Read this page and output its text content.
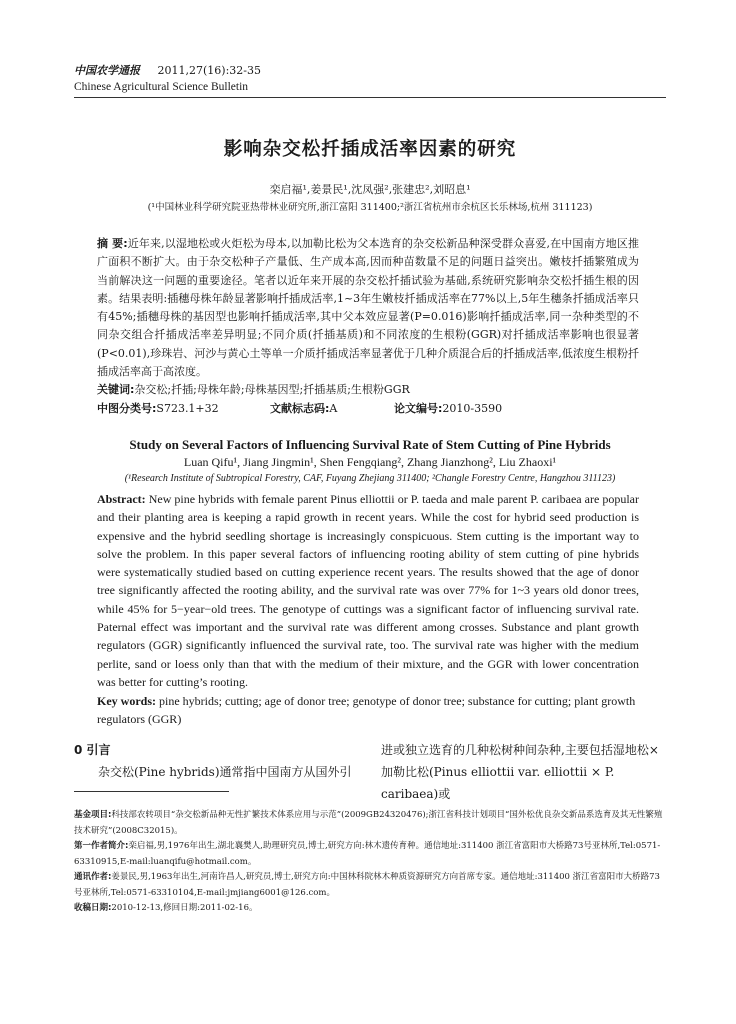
中国农学通报 2011,27(16):32-35
Chinese Agricultural Science Bulletin
影响杂交松扦插成活率因素的研究
栾启福¹,姜景民¹,沈凤强²,张建忠²,刘昭息¹
(¹中国林业科学研究院亚热带林业研究所,浙江富阳 311400;²浙江省杭州市余杭区长乐林场,杭州 311123)
摘 要:近年来,以湿地松或火炬松为母本,以加勒比松为父本选育的杂交松新品种深受群众喜爱,在中国南方地区推广面积不断扩大。由于杂交松种子产量低、生产成本高,因而种苗数量不足的问题日益突出。嫩枝扦插繁殖成为当前解决这一问题的重要途径。笔者以近年来开展的杂交松扦插试验为基础,系统研究影响杂交松扦插生根的因素。结果表明:插穗母株年龄显著影响扦插成活率,1~3年生嫩枝扦插成活率在77%以上,5年生穗条扦插成活率只有45%;插穗母株的基因型也影响扦插成活率,其中父本效应显著(P=0.016)影响扦插成活率,同一杂种类型的不同杂交组合扦插成活率差异明显;不同介质(扦插基质)和不同浓度的生根粉(GGR)对扦插成活率影响也很显著(P<0.01),珍珠岩、河沙与黄心土等单一介质扦插成活率显著优于几种介质混合后的扦插成活率,低浓度生根粉扦插成活率高于高浓度。
关键词:杂交松;扦插;母株年龄;母株基因型;扦插基质;生根粉GGR
中图分类号:S723.1+32	文献标志码:A	论文编号:2010-3590
Study on Several Factors of Influencing Survival Rate of Stem Cutting of Pine Hybrids
Luan Qifu¹, Jiang Jingmin¹, Shen Fengqiang², Zhang Jianzhong², Liu Zhaoxi¹
(¹Research Institute of Subtropical Forestry, CAF, Fuyang Zhejiang 311400; ²Changle Forestry Centre, Hangzhou 311123)
Abstract: New pine hybrids with female parent Pinus elliottii or P. taeda and male parent P. caribaea are popular and their planting area is keeping a rapid growth in recent years. While the cost for hybrid seed production is expensive and the hybrid seedling shortage is increasingly conspicuous. Stem cutting is the important way to solve the problem. In this paper several factors of influencing rooting ability of stem cutting of pine hybrids were systematically studied based on cutting experience recent years. The results showed that the age of donor tree significantly affected the rooting ability, and the survival rate was over 77% for 1~3 years old donor trees, while 45% for 5−year−old trees. The genotype of cuttings was a significant factor of influencing survival rate. Paternal effect was important and the survival rate was different among crosses. Substance and plant growth regulators (GGR) significantly influenced the survival rate, too. The survival rate was higher with the medium perlite, sand or loess only than that with the medium of their mixture, and the GGR with lower concentration was better for cutting’s rooting.
Key words: pine hybrids; cutting; age of donor tree; genotype of donor tree; substance for cutting; plant growth regulators (GGR)
0 引言
杂交松(Pine hybrids)通常指中国南方从国外引
进或独立选育的几种松树种间杂种,主要包括湿地松×加勒比松(Pinus elliottii var. elliottii × P. caribaea)或

基金项目:科技部农转项目“杂交松新品种无性扩繁技术体系应用与示范”(2009GB24320476);浙江省科技计划项目“国外松优良杂交新品系选育及其无性繁殖技术研究”(2008C32015)。

第一作者简介:栾启福,男,1976年出生,湖北襄樊人,助理研究员,博士,研究方向:林木遗传育种。通信地址:311400 浙江省富阳市大桥路73号亚林所,Tel:0571-63310915,E-mail:luanqifu@hotmail.com。

通讯作者:姜景民,男,1963年出生,河南许昌人,研究员,博士,研究方向:中国林科院林木种质资源研究方向首席专家。通信地址:311400 浙江省富阳市大桥路73号亚林所,Tel:0571-63310104,E-mail:jmjiang6001@126.com。

收稿日期:2010-12-13,修回日期:2011-02-16。
